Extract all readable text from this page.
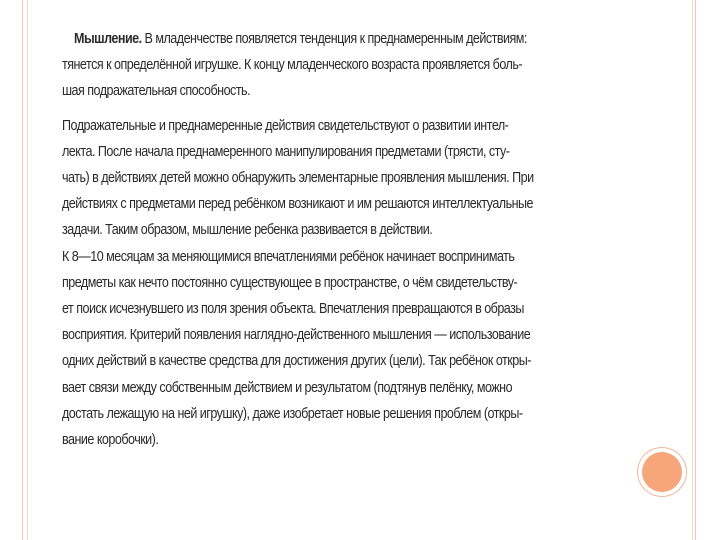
Мышление. В младенчестве появляется тенденция к преднамеренным действиям:

тянется к определённой игрушке. К концу младенческого возраста проявляется боль-

шая подражательная способность.

Подражательные и преднамеренные действия свидетельствуют о развитии интел-

лекта. После начала преднамеренного манипулирования предметами (трясти, сту-

чать) в действиях детей можно обнаружить элементарные проявления мышления. При

действиях с предметами перед ребёнком возникают и им решаются интеллектуальные

задачи. Таким образом, мышление ребенка развивается в действии.

К 8—10 месяцам за меняющимися впечатлениями ребёнок начинает воспринимать

предметы как нечто постоянно существующее в пространстве, о чём свидетельству-

ет поиск исчезнувшего из поля зрения объекта. Впечатления превращаются в образы

восприятия. Критерий появления наглядно-действенного мышления — использование

одних действий в качестве средства для достижения других (цели). Так ребёнок откры-

вает связи между собственным действием и результатом (подтянув пелёнку, можно

достать лежащую на ней игрушку), даже изобретает новые решения проблем (откры-

вание коробочки).
